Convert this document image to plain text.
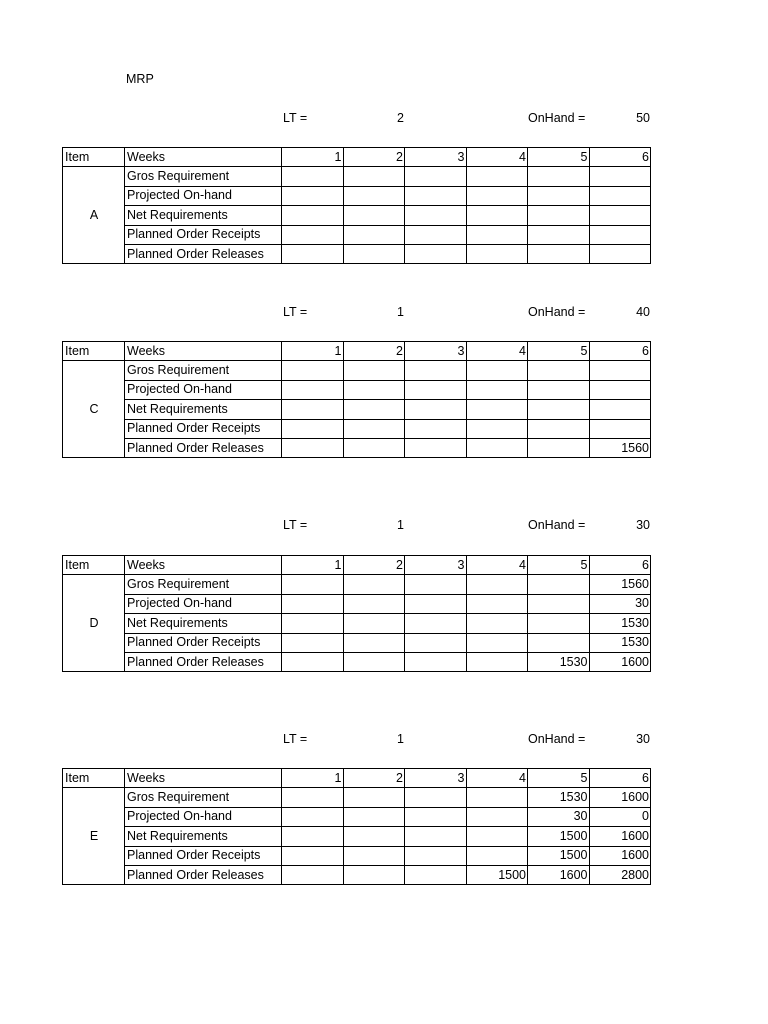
MRP
LT =	2	OnHand =	50
Item	Weeks	1	2	3	4	5	6
A	Gros Requirement						
	Projected On-hand						
	Net Requirements						
	Planned Order Receipts						
	Planned Order Releases						
LT =	1	OnHand =	40
Item	Weeks	1	2	3	4	5	6
C	Gros Requirement						
	Projected On-hand						
	Net Requirements						
	Planned Order Receipts						
	Planned Order Releases						1560
LT =	1	OnHand =	30
Item	Weeks	1	2	3	4	5	6
D	Gros Requirement						1560
	Projected On-hand						30
	Net Requirements						1530
	Planned Order Receipts						1530
	Planned Order Releases					1530	1600
LT =	1	OnHand =	30
Item	Weeks	1	2	3	4	5	6
E	Gros Requirement					1530	1600
	Projected On-hand					30	0
	Net Requirements					1500	1600
	Planned Order Receipts					1500	1600
	Planned Order Releases				1500	1600	2800
